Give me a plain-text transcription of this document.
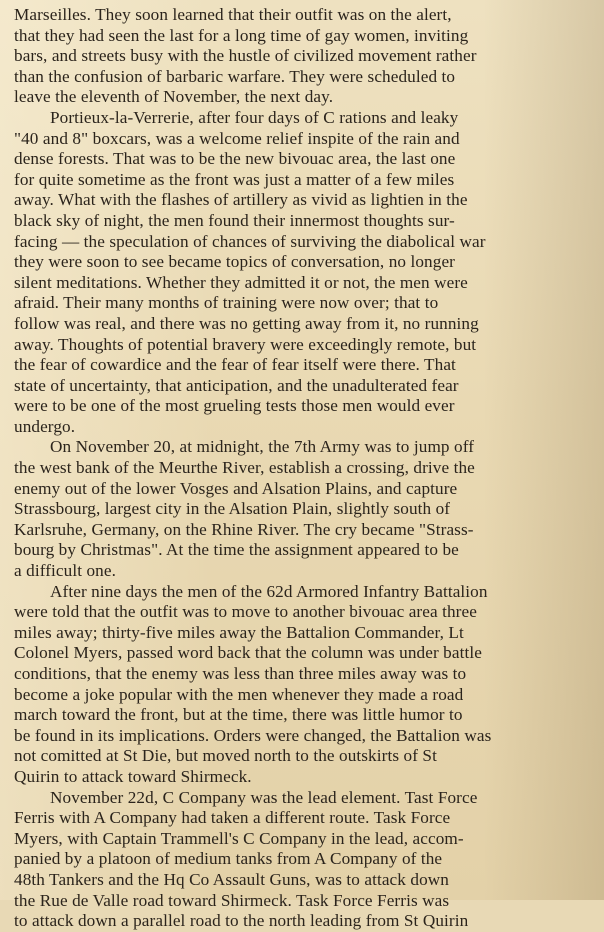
Marseilles. They soon learned that their outfit was on the alert,
that they had seen the last for a long time of gay women, inviting
bars, and streets busy with the hustle of civilized movement rather
than the confusion of barbaric warfare. They were scheduled to
leave the eleventh of November, the next day.

Portieux-la-Verrerie, after four days of C rations and leaky
"40 and 8" boxcars, was a welcome relief inspite of the rain and
dense forests. That was to be the new bivouac area, the last one
for quite sometime as the front was just a matter of a few miles
away. What with the flashes of artillery as vivid as lightien in the
black sky of night, the men found their innermost thoughts sur-
facing — the speculation of chances of surviving the diabolical war
they were soon to see became topics of conversation, no longer
silent meditations. Whether they admitted it or not, the men were
afraid. Their many months of training were now over; that to
follow was real, and there was no getting away from it, no running
away. Thoughts of potential bravery were exceedingly remote, but
the fear of cowardice and the fear of fear itself were there. That
state of uncertainty, that anticipation, and the unadulterated fear
were to be one of the most grueling tests those men would ever
undergo.

On November 20, at midnight, the 7th Army was to jump off
the west bank of the Meurthe River, establish a crossing, drive the
enemy out of the lower Vosges and Alsation Plains, and capture
Strassbourg, largest city in the Alsation Plain, slightly south of
Karlsruhe, Germany, on the Rhine River. The cry became "Strass-
bourg by Christmas". At the time the assignment appeared to be
a difficult one.

After nine days the men of the 62d Armored Infantry Battalion
were told that the outfit was to move to another bivouac area three
miles away; thirty-five miles away the Battalion Commander, Lt
Colonel Myers, passed word back that the column was under battle
conditions, that the enemy was less than three miles away was to
become a joke popular with the men whenever they made a road
march toward the front, but at the time, there was little humor to
be found in its implications. Orders were changed, the Battalion was
not comitted at St Die, but moved north to the outskirts of St
Quirin to attack toward Shirmeck.

November 22d, C Company was the lead element. Tast Force
Ferris with A Company had taken a different route. Task Force
Myers, with Captain Trammell's C Company in the lead, accom-
panied by a platoon of medium tanks from A Company of the
48th Tankers and the Hq Co Assault Guns, was to attack down
the Rue de Valle road toward Shirmeck. Task Force Ferris was
to attack down a parallel road to the north leading from St Quirin
